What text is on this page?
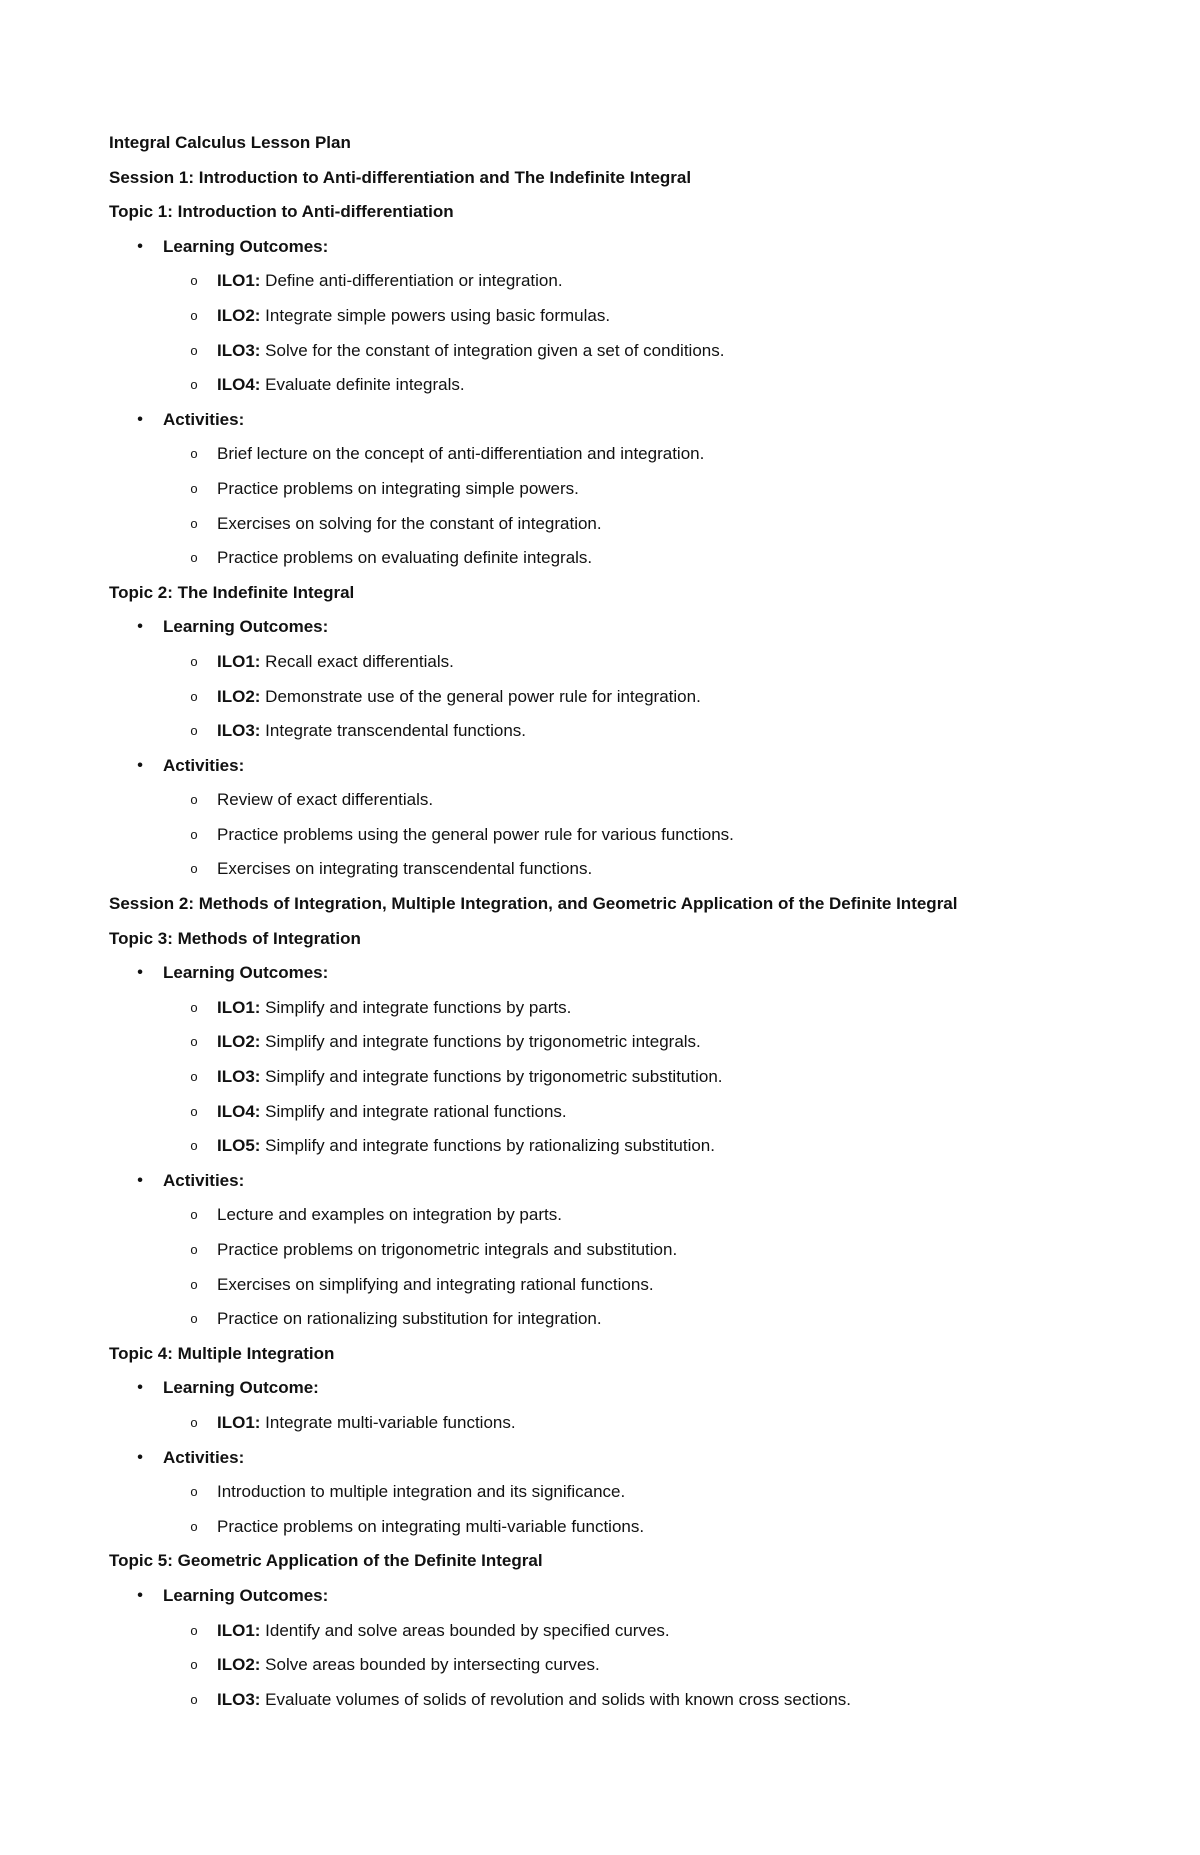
Integral Calculus Lesson Plan
Session 1: Introduction to Anti-differentiation and The Indefinite Integral
Topic 1: Introduction to Anti-differentiation
• Learning Outcomes:
o ILO1: Define anti-differentiation or integration.
o ILO2: Integrate simple powers using basic formulas.
o ILO3: Solve for the constant of integration given a set of conditions.
o ILO4: Evaluate definite integrals.
• Activities:
o Brief lecture on the concept of anti-differentiation and integration.
o Practice problems on integrating simple powers.
o Exercises on solving for the constant of integration.
o Practice problems on evaluating definite integrals.
Topic 2: The Indefinite Integral
• Learning Outcomes:
o ILO1: Recall exact differentials.
o ILO2: Demonstrate use of the general power rule for integration.
o ILO3: Integrate transcendental functions.
• Activities:
o Review of exact differentials.
o Practice problems using the general power rule for various functions.
o Exercises on integrating transcendental functions.
Session 2: Methods of Integration, Multiple Integration, and Geometric Application of the Definite Integral
Topic 3: Methods of Integration
• Learning Outcomes:
o ILO1: Simplify and integrate functions by parts.
o ILO2: Simplify and integrate functions by trigonometric integrals.
o ILO3: Simplify and integrate functions by trigonometric substitution.
o ILO4: Simplify and integrate rational functions.
o ILO5: Simplify and integrate functions by rationalizing substitution.
• Activities:
o Lecture and examples on integration by parts.
o Practice problems on trigonometric integrals and substitution.
o Exercises on simplifying and integrating rational functions.
o Practice on rationalizing substitution for integration.
Topic 4: Multiple Integration
• Learning Outcome:
o ILO1: Integrate multi-variable functions.
• Activities:
o Introduction to multiple integration and its significance.
o Practice problems on integrating multi-variable functions.
Topic 5: Geometric Application of the Definite Integral
• Learning Outcomes:
o ILO1: Identify and solve areas bounded by specified curves.
o ILO2: Solve areas bounded by intersecting curves.
o ILO3: Evaluate volumes of solids of revolution and solids with known cross sections.
